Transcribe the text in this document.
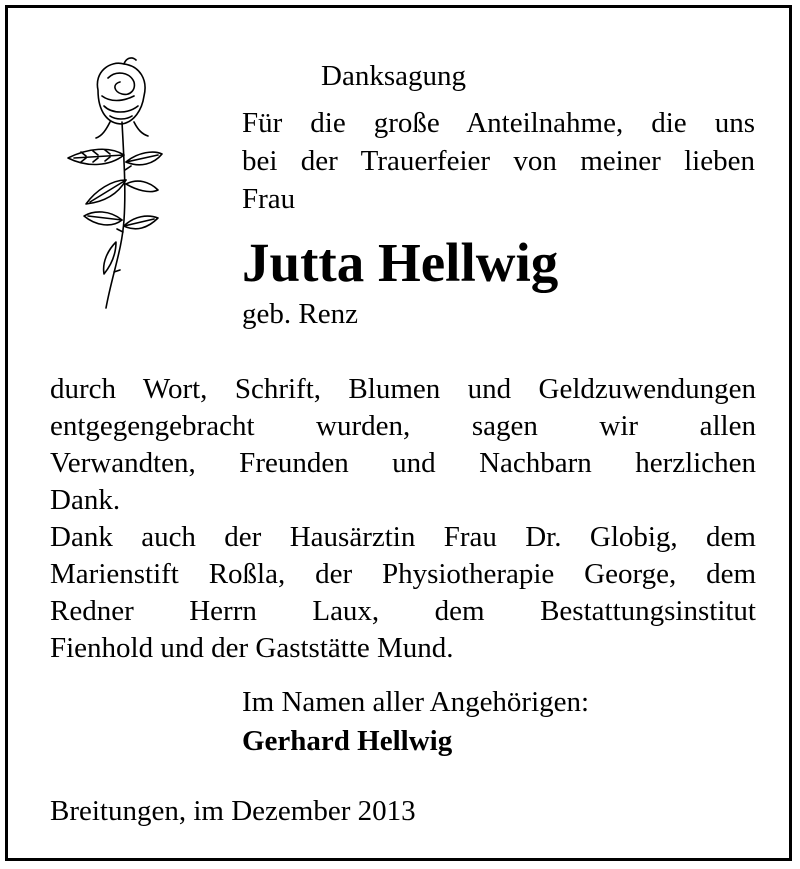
Danksagung
Für die große Anteilnahme, die uns
bei der Trauerfeier von meiner lieben
Frau
Jutta Hellwig
geb. Renz
durch Wort, Schrift, Blumen und Geldzuwendungen
entgegengebracht wurden, sagen wir allen
Verwandten, Freunden und Nachbarn herzlichen
Dank.
Dank auch der Hausärztin Frau Dr. Globig, dem
Marienstift Roßla, der Physiotherapie George, dem
Redner Herrn Laux, dem Bestattungsinstitut
Fienhold und der Gaststätte Mund.
Im Namen aller Angehörigen:
Gerhard Hellwig
Breitungen, im Dezember 2013
